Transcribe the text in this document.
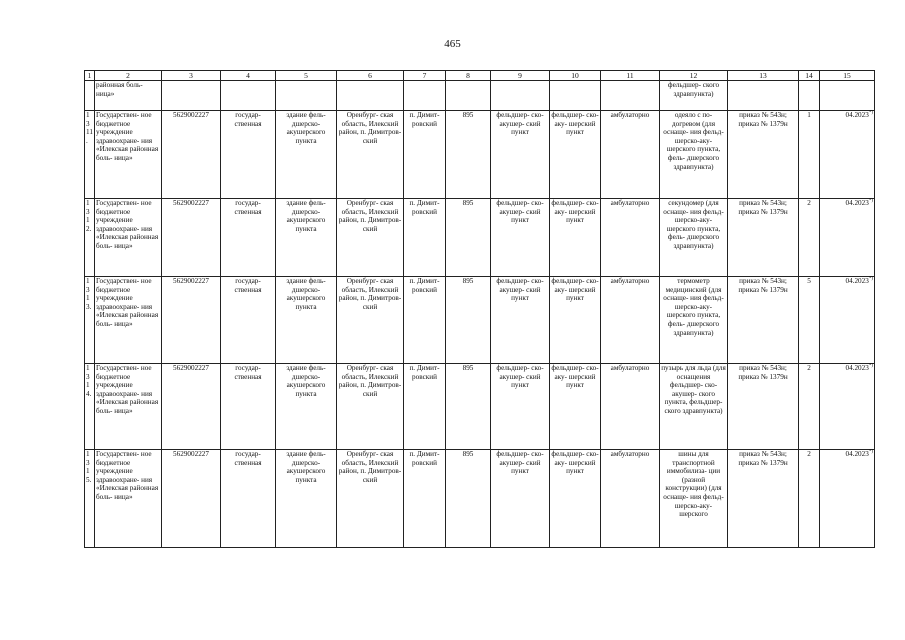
465
1	2	3	4	5	6	7	8	9	10	11	12	13	14	15
	районная боль- ница»										фельдшер- ского здравпункта)			
1311.	Государствен- ное бюджетное учреждение здравоохране- ния «Илекская районная боль- ница»	5629002227	государ- ственная	здание фель- дшерско- акушерского пункта	Оренбург- ская область, Илекский район, п. Димитров- ский	п. Димит- ровский	895	фельдшер- ско-акушер- ский пункт	фельдшер- ско-аку- шерский пункт	амбулаторно	одеяло с по- догревом (для оснаще- ния фельд- шерско-аку- шерского пункта, фель- дшерского здравпункта)	приказ № 543н; приказ № 1379н	1	04.2023*)
1312.	Государствен- ное бюджетное учреждение здравоохране- ния «Илекская районная боль- ница»	5629002227	государ- ственная	здание фель- дшерско- акушерского пункта	Оренбург- ская область, Илекский район, п. Димитров- ский	п. Димит- ровский	895	фельдшер- ско-акушер- ский пункт	фельдшер- ско-аку- шерский пункт	амбулаторно	секундомер (для оснаще- ния фельд- шерско-аку- шерского пункта, фель- дшерского здравпункта)	приказ № 543н; приказ № 1379н	2	04.2023*)
1313.	Государствен- ное бюджетное учреждение здравоохране- ния «Илекская районная боль- ница»	5629002227	государ- ственная	здание фель- дшерско- акушерского пункта	Оренбург- ская область, Илекский район, п. Димитров- ский	п. Димит- ровский	895	фельдшер- ско-акушер- ский пункт	фельдшер- ско-аку- шерский пункт	амбулаторно	термометр медицинский (для оснаще- ния фельд- шерско-аку- шерского пункта, фель- дшерского здравпункта)	приказ № 543н; приказ № 1379н	5	04.2023*)
1314.	Государствен- ное бюджетное учреждение здравоохране- ния «Илекская районная боль- ница»	5629002227	государ- ственная	здание фель- дшерско- акушерского пункта	Оренбург- ская область, Илекский район, п. Димитров- ский	п. Димит- ровский	895	фельдшер- ско-акушер- ский пункт	фельдшер- ско-аку- шерский пункт	амбулаторно	пузырь для льда (для оснащения фельдшер- ско-акушер- ского пункта, фельдшер- ского здравпункта)	приказ № 543н; приказ № 1379н	2	04.2023*)
1315.	Государствен- ное бюджетное учреждение здравоохране- ния «Илекская районная боль- ница»	5629002227	государ- ственная	здание фель- дшерско- акушерского пункта	Оренбург- ская область, Илекский район, п. Димитров- ский	п. Димит- ровский	895	фельдшер- ско-акушер- ский пункт	фельдшер- ско-аку- шерский пункт	амбулаторно	шины для транспортной иммобилиза- ции (разной конструкции) (для оснаще- ния фельд- шерско-аку- шерского	приказ № 543н; приказ № 1379н	2	04.2023*)
